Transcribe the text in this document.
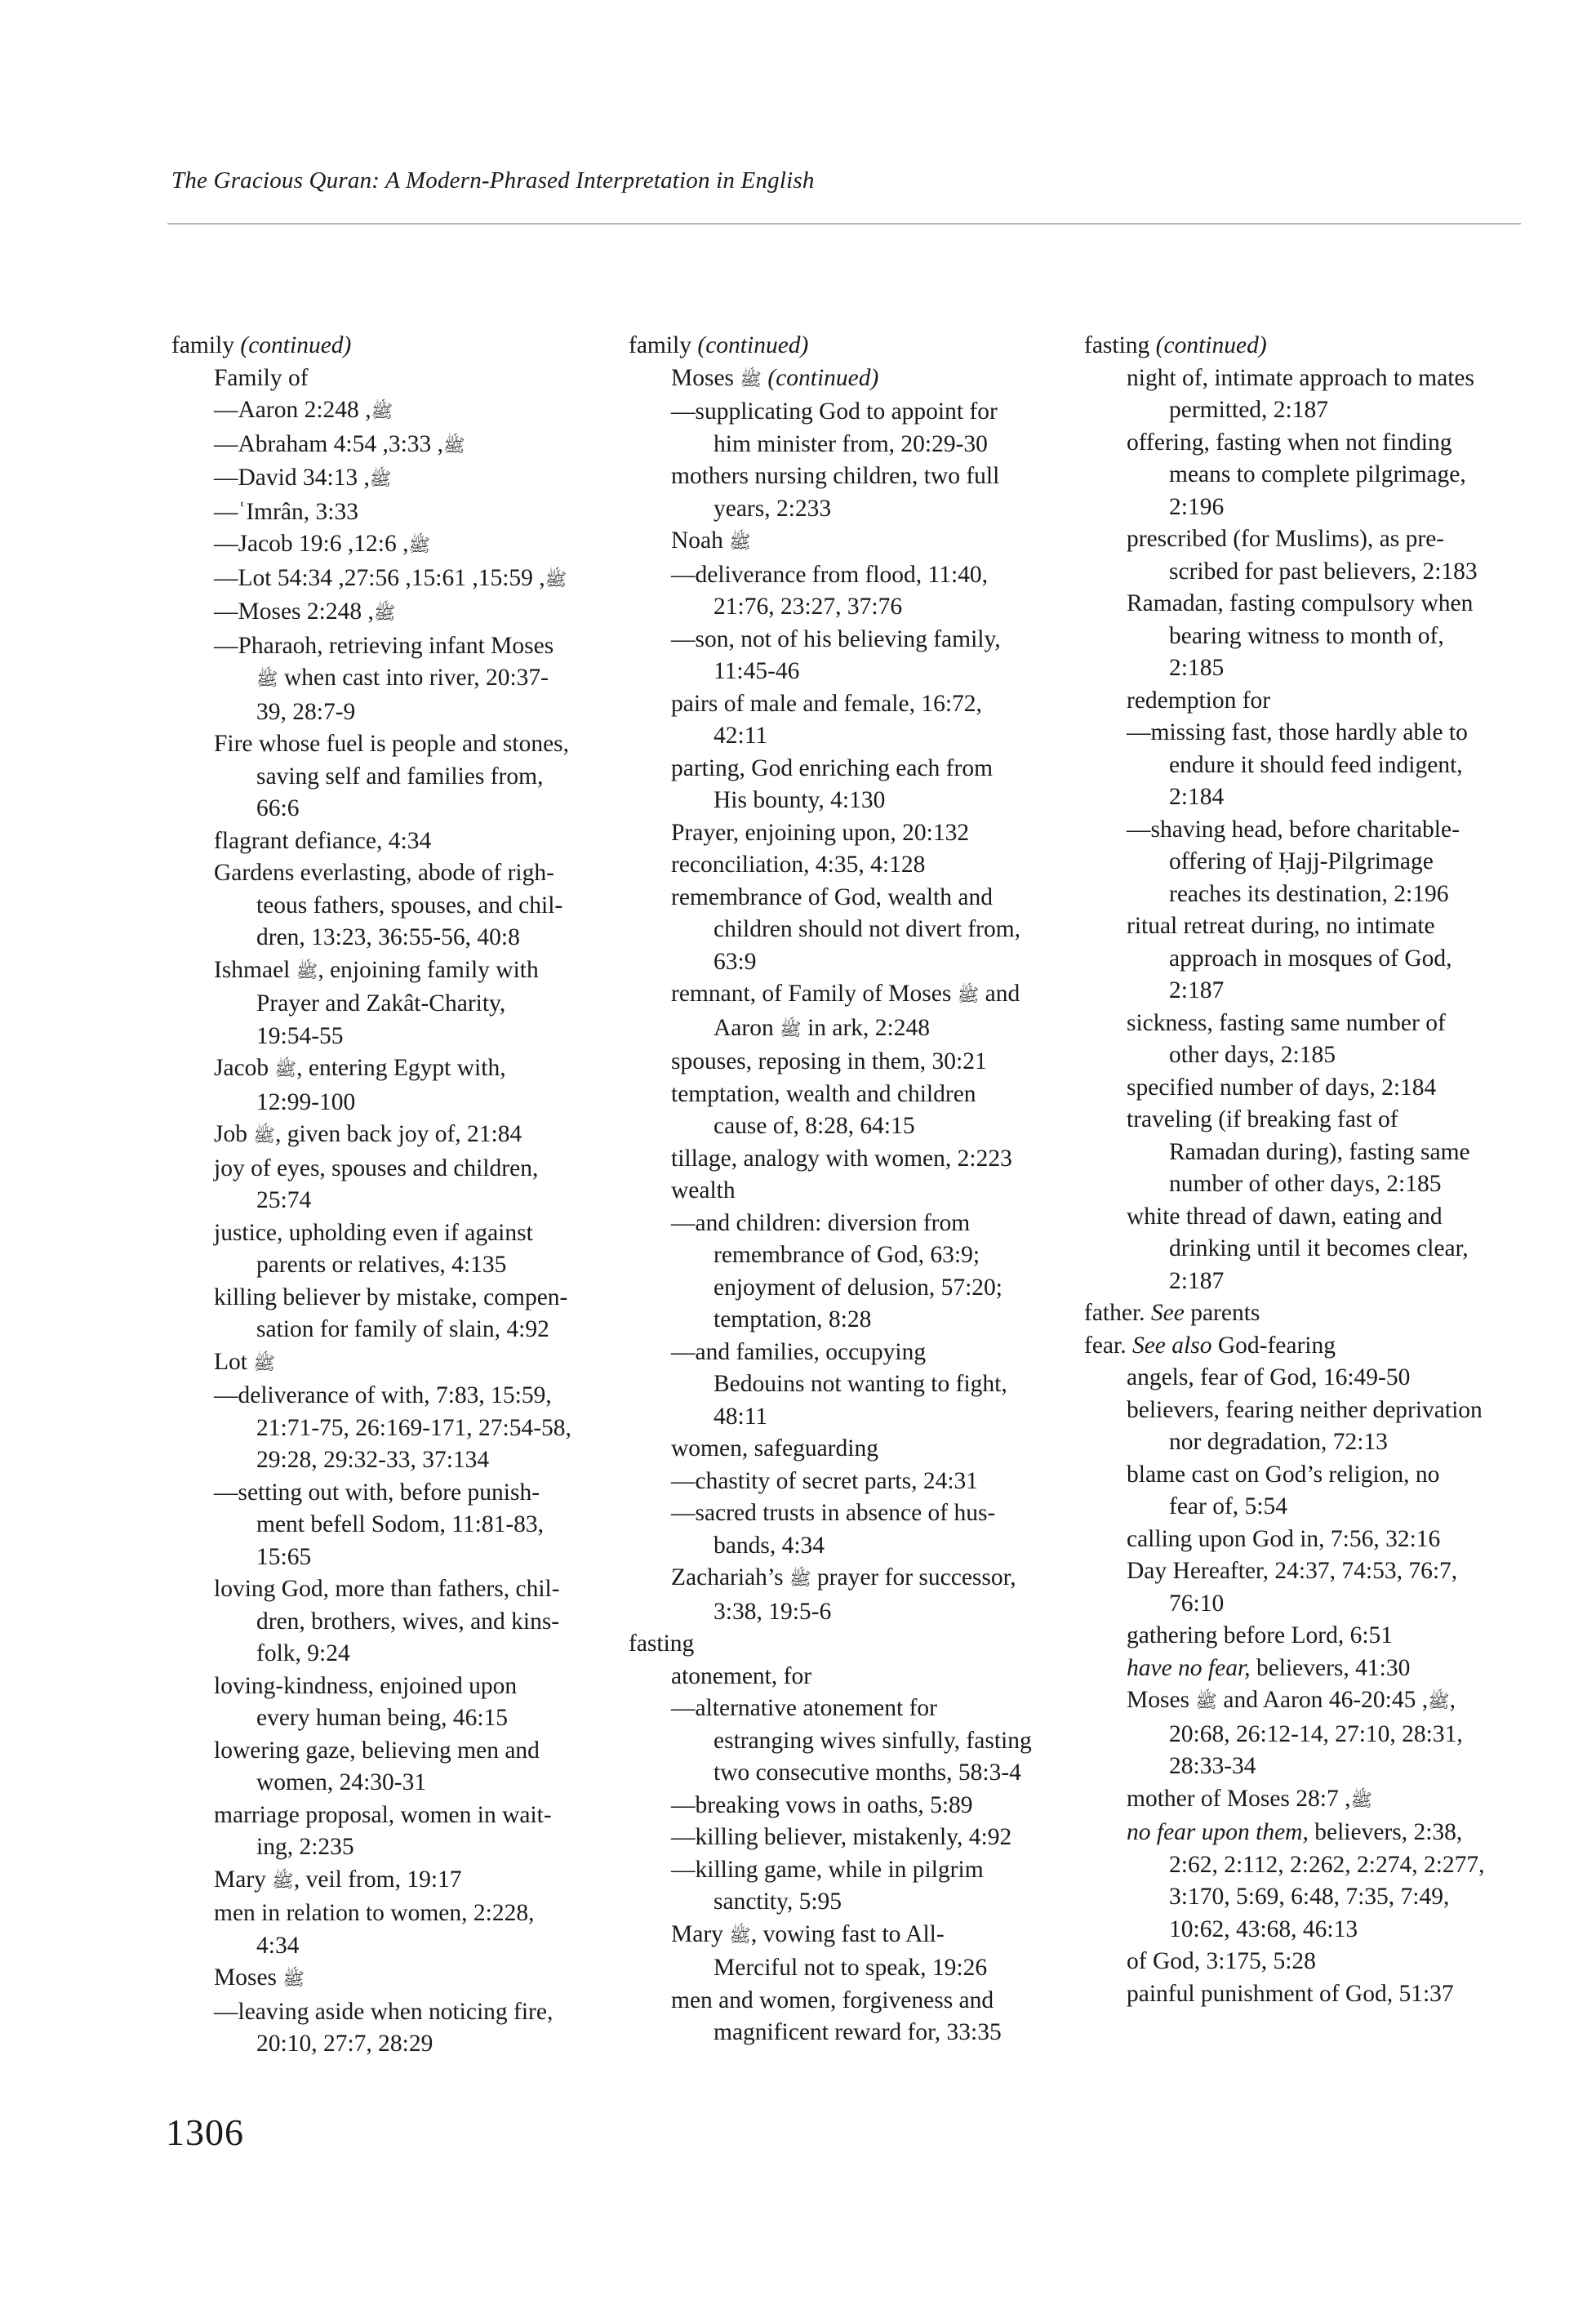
The Gracious Quran: A Modern-Phrased Interpretation in English
family (continued)
Family of
—Aaron	ﷺ, 2:248
—Abraham	ﷺ, 3:33, 4:54
—David	ﷺ, 34:13
—ʿImrân, 3:33
—Jacob	ﷺ, 12:6, 19:6
—Lot	ﷺ, 15:59, 15:61, 27:56, 54:34
—Moses	ﷺ, 2:248
—Pharaoh, retrieving infant Moses
ﷺ when cast into river, 20:37-
39, 28:7-9
Fire whose fuel is people and stones,
saving self and families from,
66:6
flagrant defiance, 4:34
Gardens everlasting, abode of righ-
teous fathers, spouses, and chil-
dren, 13:23, 36:55-56, 40:8
Ishmael ﷺ, enjoining family with
Prayer and Zakât-Charity,
19:54-55
Jacob ﷺ, entering Egypt with,
12:99-100
Job ﷺ, given back joy of, 21:84
joy of eyes, spouses and children,
25:74
justice, upholding even if against
parents or relatives, 4:135
killing believer by mistake, compen-
sation for family of slain, 4:92
Lot ﷺ
—deliverance of with, 7:83, 15:59,
21:71-75, 26:169-171, 27:54-58,
29:28, 29:32-33, 37:134
—setting out with, before punish-
ment befell Sodom, 11:81-83,
15:65
loving God, more than fathers, chil-
dren, brothers, wives, and kins-
folk, 9:24
loving-kindness, enjoined upon
every human being, 46:15
lowering gaze, believing men and
women, 24:30-31
marriage proposal, women in wait-
ing, 2:235
Mary ﷺ, veil from, 19:17
men in relation to women, 2:228,
4:34
Moses ﷺ
—leaving aside when noticing fire,
20:10, 27:7, 28:29
family (continued)
Moses ﷺ (continued)
—supplicating God to appoint for
him minister from, 20:29-30
mothers nursing children, two full
years, 2:233
Noah ﷺ
—deliverance from flood, 11:40,
21:76, 23:27, 37:76
—son, not of his believing family,
11:45-46
pairs of male and female, 16:72,
42:11
parting, God enriching each from
His bounty, 4:130
Prayer, enjoining upon, 20:132
reconciliation, 4:35, 4:128
remembrance of God, wealth and
children should not divert from,
63:9
remnant, of Family of Moses ﷺ and
Aaron ﷺ in ark, 2:248
spouses, reposing in them, 30:21
temptation, wealth and children
cause of, 8:28, 64:15
tillage, analogy with women, 2:223
wealth
—and children: diversion from
remembrance of God, 63:9;
enjoyment of delusion, 57:20;
temptation, 8:28
—and families, occupying
Bedouins not wanting to fight,
48:11
women, safeguarding
—chastity of secret parts, 24:31
—sacred trusts in absence of hus-
bands, 4:34
Zachariah’s ﷺ prayer for successor,
3:38, 19:5-6
fasting
atonement, for
—alternative atonement for
estranging wives sinfully, fasting
two consecutive months, 58:3-4
—breaking vows in oaths, 5:89
—killing believer, mistakenly, 4:92
—killing game, while in pilgrim
sanctity, 5:95
Mary ﷺ, vowing fast to All-
Merciful not to speak, 19:26
men and women, forgiveness and
magnificent reward for, 33:35
fasting (continued)
night of, intimate approach to mates
permitted, 2:187
offering, fasting when not finding
means to complete pilgrimage,
2:196
prescribed (for Muslims), as pre-
scribed for past believers, 2:183
Ramadan, fasting compulsory when
bearing witness to month of,
2:185
redemption for
—missing fast, those hardly able to
endure it should feed indigent,
2:184
—shaving head, before charitable-
offering of Ḥajj-Pilgrimage
reaches its destination, 2:196
ritual retreat during, no intimate
approach in mosques of God,
2:187
sickness, fasting same number of
other days, 2:185
specified number of days, 2:184
traveling (if breaking fast of
Ramadan during), fasting same
number of other days, 2:185
white thread of dawn, eating and
drinking until it becomes clear,
2:187
father. See parents
fear. See also God-fearing
angels, fear of God, 16:49-50
believers, fearing neither deprivation
nor degradation, 72:13
blame cast on God’s religion, no
fear of, 5:54
calling upon God in, 7:56, 32:16
Day Hereafter, 24:37, 74:53, 76:7,
76:10
gathering before Lord, 6:51
have no fear, believers, 41:30
Moses ﷺ and Aaron	ﷺ, 20:45-46,
20:68, 26:12-14, 27:10, 28:31,
28:33-34
mother of Moses	ﷺ, 28:7
no fear upon them, believers, 2:38,
2:62, 2:112, 2:262, 2:274, 2:277,
3:170, 5:69, 6:48, 7:35, 7:49,
10:62, 43:68, 46:13
of God, 3:175, 5:28
painful punishment of God, 51:37
1306
